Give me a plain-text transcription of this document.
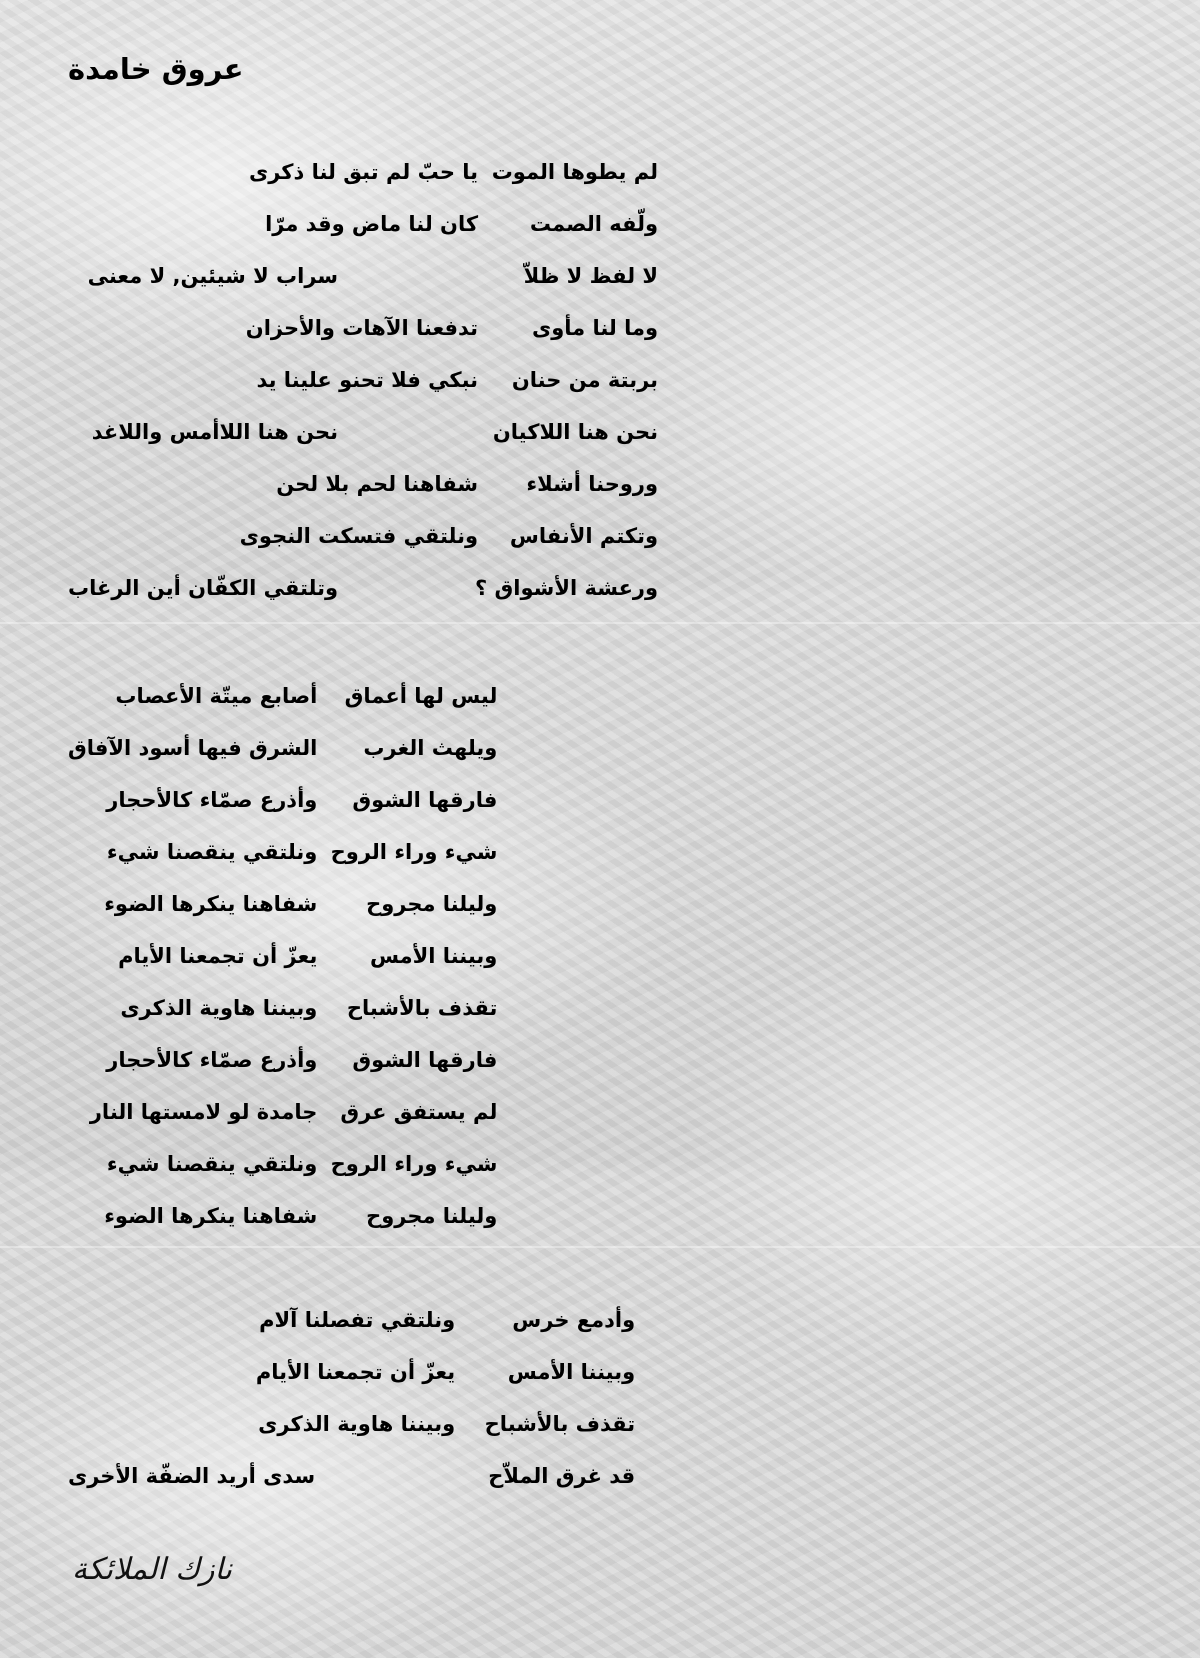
عروق خامدة
لم يطوها الموت
يا حبّ لم تبق لنا ذكرى
ولّفه الصمت
كان لنا ماض وقد مرّا
لا لفظ لا ظلاّ
سراب لا شيئين, لا معنى
وما لنا مأوى
تدفعنا الآهات والأحزان
بربتة من حنان
نبكي فلا تحنو علينا يد
نحن هنا اللاكيان
نحن هنا اللاأمس واللاغد
وروحنا أشلاء
شفاهنا لحم بلا لحن
وتكتم الأنفاس
ونلتقي فتسكت النجوى
ورعشة الأشواق ؟
وتلتقي الكفّان أين الرغاب
ليس لها أعماق
أصابع ميتّة الأعصاب
ويلهث الغرب
الشرق فيها أسود الآفاق
فارقها الشوق
وأذرع صمّاء كالأحجار
شيء وراء الروح
ونلتقي ينقصنا شيء
وليلنا مجروح
شفاهنا ينكرها الضوء
وبيننا الأمس
يعزّ أن تجمعنا الأيام
تقذف بالأشباح
وبيننا هاوية الذكرى
فارقها الشوق
وأذرع صمّاء كالأحجار
لم يستفق عرق
جامدة لو لامستها النار
شيء وراء الروح
ونلتقي ينقصنا شيء
وليلنا مجروح
شفاهنا ينكرها الضوء
وأدمع خرس
ونلتقي تفصلنا آلام
وبيننا الأمس
يعزّ أن تجمعنا الأيام
تقذف بالأشباح
وبيننا هاوية الذكرى
قد غرق الملاّح
سدى أريد الضفّة الأخرى
نازك الملائكة
